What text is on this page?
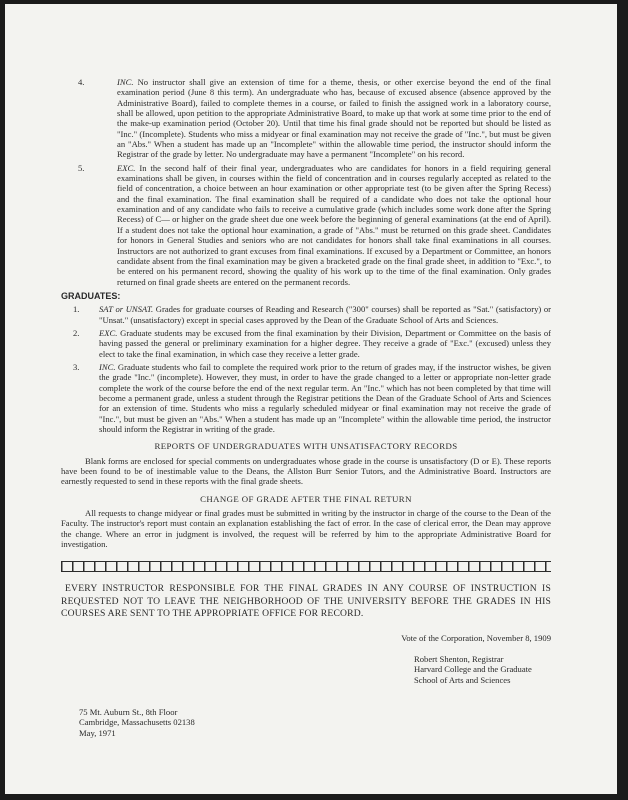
4.	INC. No instructor shall give an extension of time for a theme, thesis, or other exercise beyond the end of the final examination period (June 8 this term). An undergraduate who has, because of excused absence (absence approved by the Administrative Board), failed to complete themes in a course, or failed to finish the assigned work in a laboratory course, shall be allowed, upon petition to the appropriate Administrative Board, to make up that work at some time prior to the end of the make-up examination period (October 20). Until that time his final grade should not be reported but should be listed as "Inc." (Incomplete). Students who miss a midyear or final examination may not receive the grade of "Inc.", but must be given an "Abs." When a student has made up an "Incomplete" within the allowable time period, the instructor should inform the Registrar of the grade by letter. No undergraduate may have a permanent "Incomplete" on his record.
5.	EXC. In the second half of their final year, undergraduates who are candidates for honors in a field requiring general examinations shall be given, in courses within the field of concentration and in courses regularly accepted as related to the field of concentration, a choice between an hour examination or other appropriate test (to be given after the Spring Recess) and the final examination. The final examination shall be required of a candidate who does not take the optional hour examination and of any candidate who fails to receive a cumulative grade (which includes some work done after the Spring Recess) of C— or higher on the grade sheet due one week before the beginning of general examinations (at the end of April). If a student does not take the optional hour examination, a grade of "Abs." must be returned on this grade sheet. Candidates for honors in General Studies and seniors who are not candidates for honors shall take final examinations in all courses. Instructors are not authorized to grant excuses from final examinations. If excused by a Department or Committee, an honors candidate absent from the final examination may be given a bracketed grade on the final grade sheet, in addition to "Exc.", to be entered on his permanent record, showing the quality of his work up to the time of the final examination. Only grades returned on final grade sheets are entered on the permanent records.
GRADUATES:
1. SAT or UNSAT. Grades for graduate courses of Reading and Research ("300" courses) shall be reported as "Sat." (satisfactory) or "Unsat." (unsatisfactory) except in special cases approved by the Dean of the Graduate School of Arts and Sciences.
2. EXC. Graduate students may be excused from the final examination by their Division, Department or Committee on the basis of having passed the general or preliminary examination for a higher degree. They receive a grade of "Exc." (excused) unless they elect to take the final examination, in which case they receive a letter grade.
3. INC. Graduate students who fail to complete the required work prior to the return of grades may, if the instructor wishes, be given the grade "Inc." (incomplete). However, they must, in order to have the grade changed to a letter or appropriate non-letter grade complete the work of the course before the end of the next regular term. An "Inc." which has not been completed by that time will become a permanent grade, unless a student through the Registrar petitions the Dean of the Graduate School of Arts and Sciences for an extension of time. Students who miss a regularly scheduled midyear or final examination may not receive the grade of "Inc.", but must be given an "Abs." When a student has made up an "Incomplete" within the allowable time period, the instructor should inform the Registrar in writing of the grade.
REPORTS OF UNDERGRADUATES WITH UNSATISFACTORY RECORDS
Blank forms are enclosed for special comments on undergraduates whose grade in the course is unsatisfactory (D or E). These reports have been found to be of inestimable value to the Deans, the Allston Burr Senior Tutors, and the Administrative Board. Instructors are earnestly requested to send in these reports with the final grade sheets.
CHANGE OF GRADE AFTER THE FINAL RETURN
All requests to change midyear or final grades must be submitted in writing by the instructor in charge of the course to the Dean of the Faculty. The instructor's report must contain an explanation establishing the fact of error. In the case of clerical error, the Dean may approve the change. Where an error in judgment is involved, the request will be referred by him to the appropriate Administrative Board for investigation.
EVERY INSTRUCTOR RESPONSIBLE FOR THE FINAL GRADES IN ANY COURSE OF INSTRUCTION IS REQUESTED NOT TO LEAVE THE NEIGHBORHOOD OF THE UNIVERSITY BEFORE THE GRADES IN HIS COURSES ARE SENT TO THE APPROPRIATE OFFICE FOR RECORD.
Vote of the Corporation, November 8, 1909
Robert Shenton, Registrar
Harvard College and the Graduate
School of Arts and Sciences
75 Mt. Auburn St., 8th Floor
Cambridge, Massachusetts 02138
May, 1971
